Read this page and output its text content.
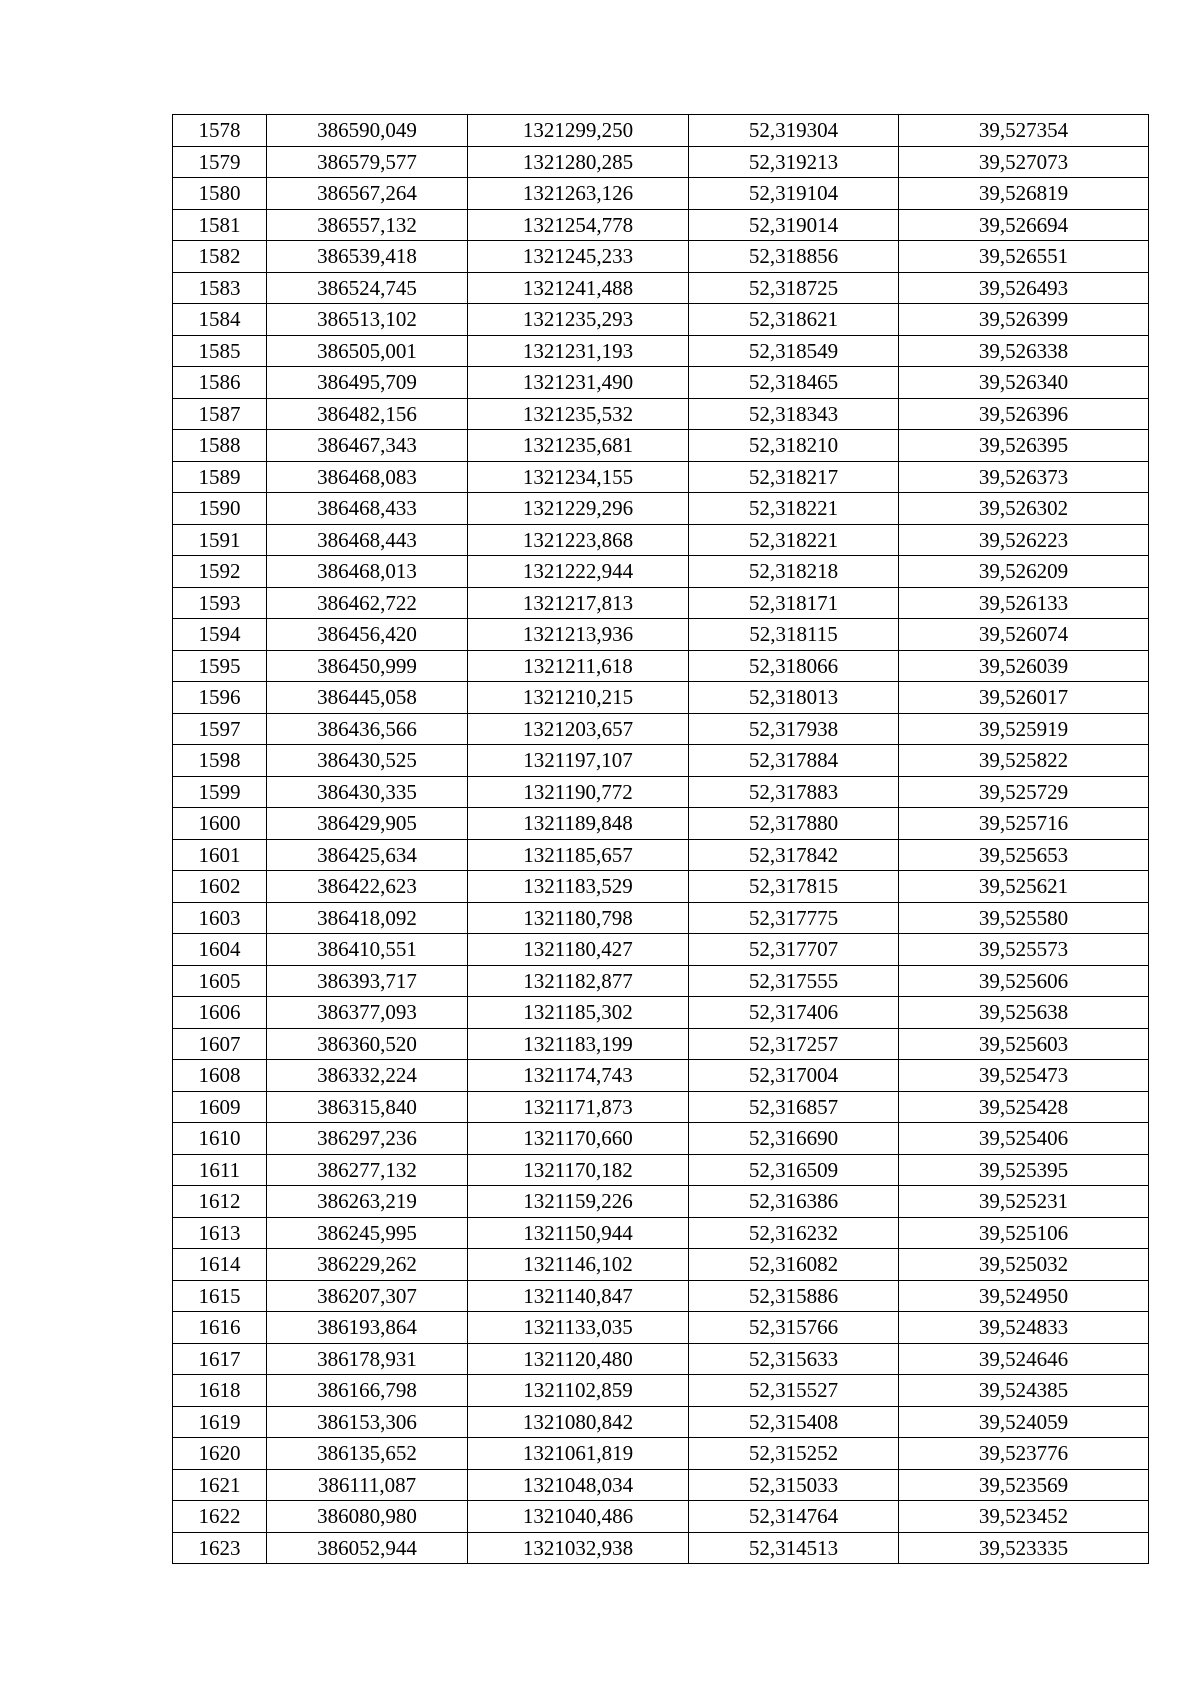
1578	386590,049	1321299,250	52,319304	39,527354
1579	386579,577	1321280,285	52,319213	39,527073
1580	386567,264	1321263,126	52,319104	39,526819
1581	386557,132	1321254,778	52,319014	39,526694
1582	386539,418	1321245,233	52,318856	39,526551
1583	386524,745	1321241,488	52,318725	39,526493
1584	386513,102	1321235,293	52,318621	39,526399
1585	386505,001	1321231,193	52,318549	39,526338
1586	386495,709	1321231,490	52,318465	39,526340
1587	386482,156	1321235,532	52,318343	39,526396
1588	386467,343	1321235,681	52,318210	39,526395
1589	386468,083	1321234,155	52,318217	39,526373
1590	386468,433	1321229,296	52,318221	39,526302
1591	386468,443	1321223,868	52,318221	39,526223
1592	386468,013	1321222,944	52,318218	39,526209
1593	386462,722	1321217,813	52,318171	39,526133
1594	386456,420	1321213,936	52,318115	39,526074
1595	386450,999	1321211,618	52,318066	39,526039
1596	386445,058	1321210,215	52,318013	39,526017
1597	386436,566	1321203,657	52,317938	39,525919
1598	386430,525	1321197,107	52,317884	39,525822
1599	386430,335	1321190,772	52,317883	39,525729
1600	386429,905	1321189,848	52,317880	39,525716
1601	386425,634	1321185,657	52,317842	39,525653
1602	386422,623	1321183,529	52,317815	39,525621
1603	386418,092	1321180,798	52,317775	39,525580
1604	386410,551	1321180,427	52,317707	39,525573
1605	386393,717	1321182,877	52,317555	39,525606
1606	386377,093	1321185,302	52,317406	39,525638
1607	386360,520	1321183,199	52,317257	39,525603
1608	386332,224	1321174,743	52,317004	39,525473
1609	386315,840	1321171,873	52,316857	39,525428
1610	386297,236	1321170,660	52,316690	39,525406
1611	386277,132	1321170,182	52,316509	39,525395
1612	386263,219	1321159,226	52,316386	39,525231
1613	386245,995	1321150,944	52,316232	39,525106
1614	386229,262	1321146,102	52,316082	39,525032
1615	386207,307	1321140,847	52,315886	39,524950
1616	386193,864	1321133,035	52,315766	39,524833
1617	386178,931	1321120,480	52,315633	39,524646
1618	386166,798	1321102,859	52,315527	39,524385
1619	386153,306	1321080,842	52,315408	39,524059
1620	386135,652	1321061,819	52,315252	39,523776
1621	386111,087	1321048,034	52,315033	39,523569
1622	386080,980	1321040,486	52,314764	39,523452
1623	386052,944	1321032,938	52,314513	39,523335
